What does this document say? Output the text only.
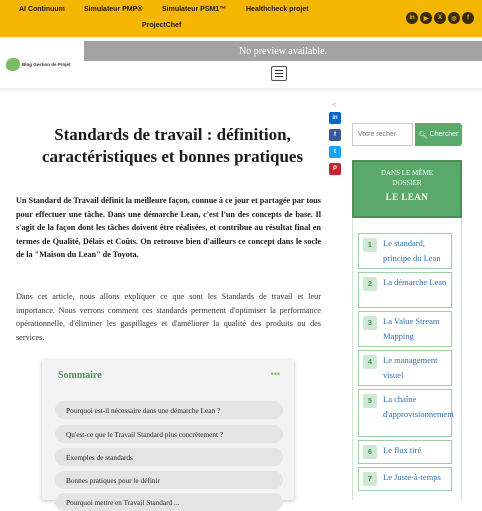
AI Continuum	Simulateur PMP®	Simulateur PSM1™	Healthcheck projet
ProjectChef
in	▶	X	◎	f
Blog Gestion de Projet
No preview available.
<
in
f
t
P
Standards de travail : définition, caractéristiques et bonnes pratiques

Un Standard de Travail définit la meilleure façon, connue à ce jour et partagée par tous pour effectuer une tâche. Dans une démarche Lean, c'est l'un des concepts de base. Il s'agit de la façon dont les tâches doivent être réalisées, et contribue au résultat final en termes de Qualité, Délais et Coûts. On retrouve bien d'ailleurs ce concept dans le socle de la "Maison du Lean" de Toyota.

Dans cet article, nous allons expliquer ce que sont les Standards de travail et leur importance. Nous verrons comment ces standards permettent d'optimiser la performance opérationnelle, d'éliminer les gaspillages et d'améliorer la qualité des produits ou des services.

Sommaire	•••
Pourquoi est-il nécessaire dans une démarche Lean ?
Qu'est-ce que le Travail Standard plus concrètement ?
Exemples de standards
Bonnes pratiques pour le définir
Pourquoi mettre en Travail Standard ...
Votre recher
🔍︎ Chercher
DANS LE MÊME
DOSSIER
LE LEAN
1	Le standard, principe du Lean
2	La démarche Lean
3	La Value Stream Mapping
4	Le management visuel
5	La chaîne d'approvisionnement
6	Le flux tiré
7	Le Juste-à-temps
